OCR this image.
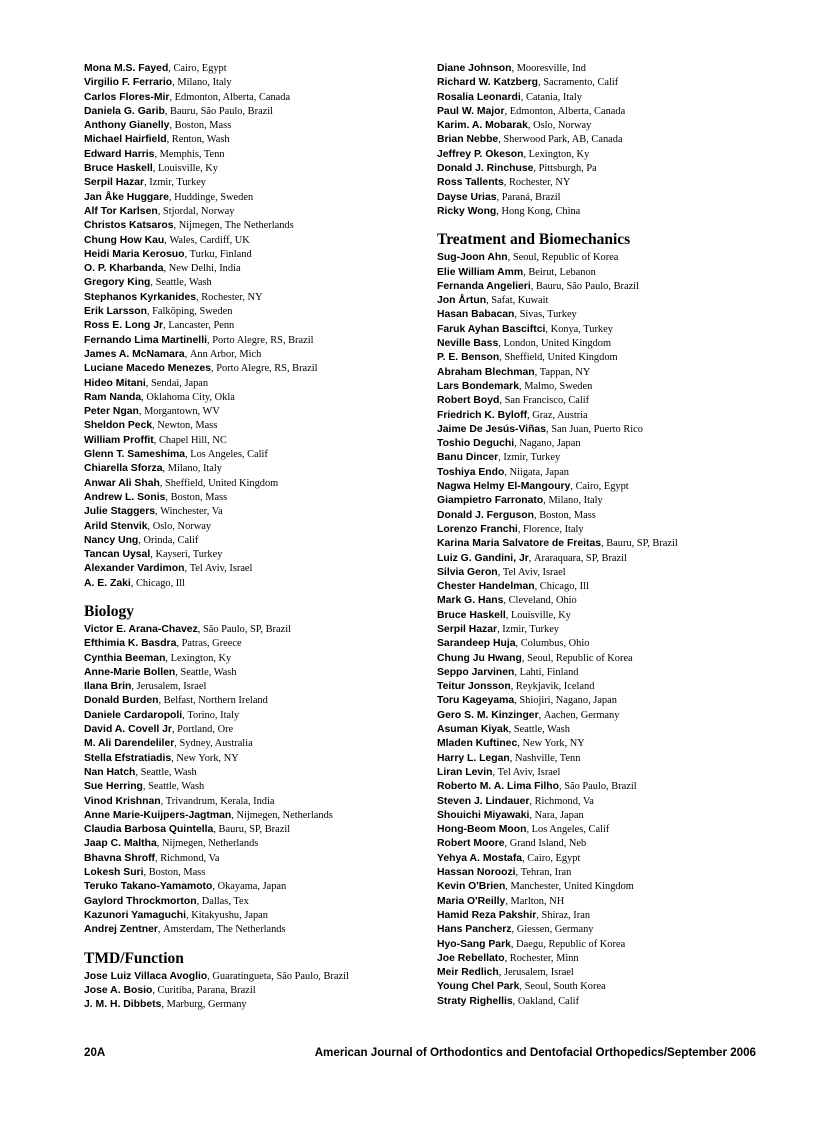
Mona M.S. Fayed, Cairo, Egypt
Virgilio F. Ferrario, Milano, Italy
Carlos Flores-Mir, Edmonton, Alberta, Canada
Daniela G. Garib, Bauru, São Paulo, Brazil
Anthony Gianelly, Boston, Mass
Michael Hairfield, Renton, Wash
Edward Harris, Memphis, Tenn
Bruce Haskell, Louisville, Ky
Serpil Hazar, Izmir, Turkey
Jan Åke Huggare, Huddinge, Sweden
Alf Tor Karlsen, Stjordal, Norway
Christos Katsaros, Nijmegen, The Netherlands
Chung How Kau, Wales, Cardiff, UK
Heidi Maria Kerosuo, Turku, Finland
O. P. Kharbanda, New Delhi, India
Gregory King, Seattle, Wash
Stephanos Kyrkanides, Rochester, NY
Erik Larsson, Falköping, Sweden
Ross E. Long Jr, Lancaster, Penn
Fernando Lima Martinelli, Porto Alegre, RS, Brazil
James A. McNamara, Ann Arbor, Mich
Luciane Macedo Menezes, Porto Alegre, RS, Brazil
Hideo Mitani, Sendai, Japan
Ram Nanda, Oklahoma City, Okla
Peter Ngan, Morgantown, WV
Sheldon Peck, Newton, Mass
William Proffit, Chapel Hill, NC
Glenn T. Sameshima, Los Angeles, Calif
Chiarella Sforza, Milano, Italy
Anwar Ali Shah, Sheffield, United Kingdom
Andrew L. Sonis, Boston, Mass
Julie Staggers, Winchester, Va
Arild Stenvik, Oslo, Norway
Nancy Ung, Orinda, Calif
Tancan Uysal, Kayseri, Turkey
Alexander Vardimon, Tel Aviv, Israel
A. E. Zaki, Chicago, Ill
Biology
Victor E. Arana-Chavez, São Paulo, SP, Brazil
Efthimia K. Basdra, Patras, Greece
Cynthia Beeman, Lexington, Ky
Anne-Marie Bollen, Seattle, Wash
Ilana Brin, Jerusalem, Israel
Donald Burden, Belfast, Northern Ireland
Daniele Cardaropoli, Torino, Italy
David A. Covell Jr, Portland, Ore
M. Ali Darendeliler, Sydney, Australia
Stella Efstratiadis, New York, NY
Nan Hatch, Seattle, Wash
Sue Herring, Seattle, Wash
Vinod Krishnan, Trivandrum, Kerala, India
Anne Marie-Kuijpers-Jagtman, Nijmegen, Netherlands
Claudia Barbosa Quintella, Bauru, SP, Brazil
Jaap C. Maltha, Nijmegen, Netherlands
Bhavna Shroff, Richmond, Va
Lokesh Suri, Boston, Mass
Teruko Takano-Yamamoto, Okayama, Japan
Gaylord Throckmorton, Dallas, Tex
Kazunori Yamaguchi, Kitakyushu, Japan
Andrej Zentner, Amsterdam, The Netherlands
TMD/Function
Jose Luiz Villaca Avoglio, Guaratingueta, São Paulo, Brazil
Jose A. Bosio, Curitiba, Parana, Brazil
J. M. H. Dibbets, Marburg, Germany
Diane Johnson, Mooresville, Ind
Richard W. Katzberg, Sacramento, Calif
Rosalia Leonardi, Catania, Italy
Paul W. Major, Edmonton, Alberta, Canada
Karim. A. Mobarak, Oslo, Norway
Brian Nebbe, Sherwood Park, AB, Canada
Jeffrey P. Okeson, Lexington, Ky
Donald J. Rinchuse, Pittsburgh, Pa
Ross Tallents, Rochester, NY
Dayse Urias, Paraná, Brazil
Ricky Wong, Hong Kong, China
Treatment and Biomechanics
Sug-Joon Ahn, Seoul, Republic of Korea
Elie William Amm, Beirut, Lebanon
Fernanda Angelieri, Bauru, São Paulo, Brazil
Jon Årtun, Safat, Kuwait
Hasan Babacan, Sivas, Turkey
Faruk Ayhan Basciftci, Konya, Turkey
Neville Bass, London, United Kingdom
P. E. Benson, Sheffield, United Kingdom
Abraham Blechman, Tappan, NY
Lars Bondemark, Malmo, Sweden
Robert Boyd, San Francisco, Calif
Friedrich K. Byloff, Graz, Austria
Jaime De Jesús-Viñas, San Juan, Puerto Rico
Toshio Deguchi, Nagano, Japan
Banu Dincer, Izmir, Turkey
Toshiya Endo, Niigata, Japan
Nagwa Helmy El-Mangoury, Cairo, Egypt
Giampietro Farronato, Milano, Italy
Donald J. Ferguson, Boston, Mass
Lorenzo Franchi, Florence, Italy
Karina Maria Salvatore de Freitas, Bauru, SP, Brazil
Luiz G. Gandini, Jr, Araraquara, SP, Brazil
Silvia Geron, Tel Aviv, Israel
Chester Handelman, Chicago, Ill
Mark G. Hans, Cleveland, Ohio
Bruce Haskell, Louisville, Ky
Serpil Hazar, Izmir, Turkey
Sarandeep Huja, Columbus, Ohio
Chung Ju Hwang, Seoul, Republic of Korea
Seppo Jarvinen, Lahti, Finland
Teitur Jonsson, Reykjavik, Iceland
Toru Kageyama, Shiojiri, Nagano, Japan
Gero S. M. Kinzinger, Aachen, Germany
Asuman Kiyak, Seattle, Wash
Mladen Kuftinec, New York, NY
Harry L. Legan, Nashville, Tenn
Liran Levin, Tel Aviv, Israel
Roberto M. A. Lima Filho, São Paulo, Brazil
Steven J. Lindauer, Richmond, Va
Shouichi Miyawaki, Nara, Japan
Hong-Beom Moon, Los Angeles, Calif
Robert Moore, Grand Island, Neb
Yehya A. Mostafa, Cairo, Egypt
Hassan Noroozi, Tehran, Iran
Kevin O'Brien, Manchester, United Kingdom
Maria O'Reilly, Marlton, NH
Hamid Reza Pakshir, Shiraz, Iran
Hans Pancherz, Giessen, Germany
Hyo-Sang Park, Daegu, Republic of Korea
Joe Rebellato, Rochester, Minn
Meir Redlich, Jerusalem, Israel
Young Chel Park, Seoul, South Korea
Straty Righellis, Oakland, Calif
20A	American Journal of Orthodontics and Dentofacial Orthopedics/September 2006
